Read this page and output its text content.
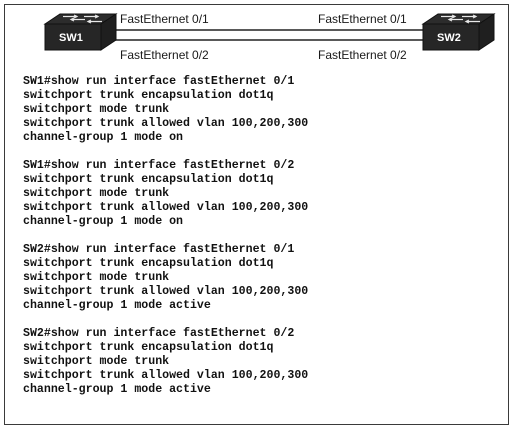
SW1	SW2
FastEthernet 0/1	FastEthernet 0/1
FastEthernet 0/2	FastEthernet 0/2
SW1#show run interface fastEthernet 0/1
switchport trunk encapsulation dot1q
switchport mode trunk
switchport trunk allowed vlan 100,200,300
channel-group 1 mode on
SW1#show run interface fastEthernet 0/2
switchport trunk encapsulation dot1q
switchport mode trunk
switchport trunk allowed vlan 100,200,300
channel-group 1 mode on
SW2#show run interface fastEthernet 0/1
switchport trunk encapsulation dot1q
switchport mode trunk
switchport trunk allowed vlan 100,200,300
channel-group 1 mode active
SW2#show run interface fastEthernet 0/2
switchport trunk encapsulation dot1q
switchport mode trunk
switchport trunk allowed vlan 100,200,300
channel-group 1 mode active
